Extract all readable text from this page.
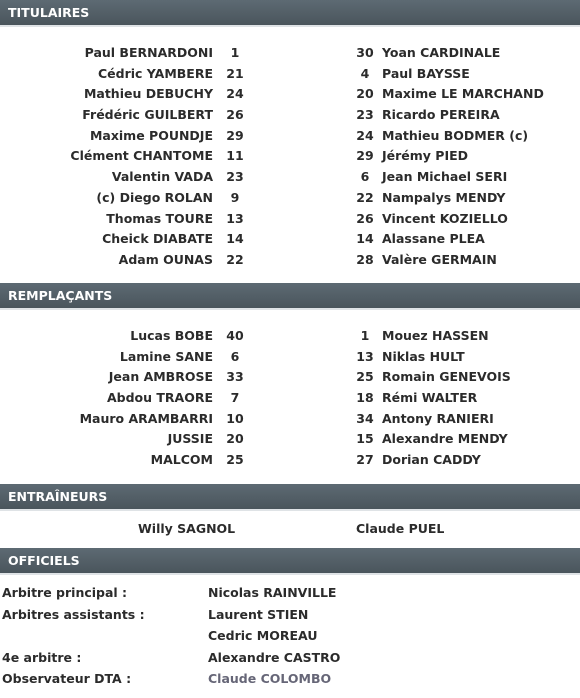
TITULAIRES
Paul BERNARDONI	1	30 Yoan CARDINALE
Cédric YAMBERE	21	4	Paul BAYSSE
Mathieu DEBUCHY	24	20 Maxime LE MARCHAND
Frédéric GUILBERT	26	23 Ricardo PEREIRA
Maxime POUNDJE	29	24 Mathieu BODMER (c)
Clément CHANTOME	11	29 Jérémy PIED
Valentin VADA	23	6	Jean Michael SERI
(c) Diego ROLAN	9	22 Nampalys MENDY
Thomas TOURE	13	26 Vincent KOZIELLO
Cheick DIABATE	14	14 Alassane PLEA
Adam OUNAS	22	28 Valère GERMAIN
REMPLAÇANTS
Lucas BOBE	40	1	Mouez HASSEN
Lamine SANE	6	13 Niklas HULT
Jean AMBROSE	33	25 Romain GENEVOIS
Abdou TRAORE	7	18 Rémi WALTER
Mauro ARAMBARRI	10	34 Antony RANIERI
JUSSIE	20	15 Alexandre MENDY
MALCOM	25	27 Dorian CADDY
ENTRAÎNEURS
Willy SAGNOL	Claude PUEL
OFFICIELS
Arbitre principal :	Nicolas RAINVILLE
Arbitres assistants :	Laurent STIEN
Cedric MOREAU
4e arbitre :	Alexandre CASTRO
Observateur DTA :	Claude COLOMBO
